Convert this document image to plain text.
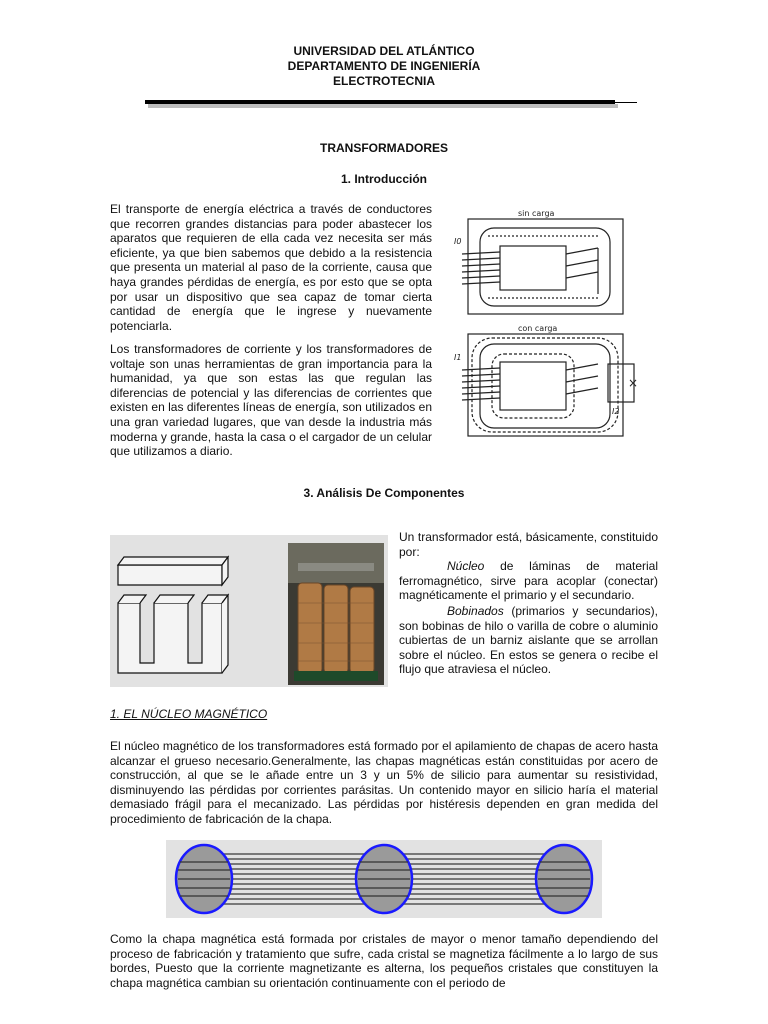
UNIVERSIDAD DEL ATLÁNTICO
DEPARTAMENTO DE INGENIERÍA
ELECTROTECNIA
TRANSFORMADORES
1. Introducción

El transporte de energía eléctrica a través de conductores que recorren grandes distancias para poder abastecer los aparatos que requieren de ella cada vez necesita ser más eficiente, ya que bien sabemos que debido a la resistencia que presenta un material al paso de la corriente, causa que haya grandes pérdidas de energía, es por esto que se opta por usar un dispositivo que sea capaz de tomar cierta cantidad de energía que le ingrese y nuevamente potenciarla.

Los transformadores de corriente y los transformadores de voltaje son unas herramientas de gran importancia para la humanidad, ya que son estas las que regulan las diferencias de potencial y las diferencias de corrientes que existen en las diferentes líneas de energía, son utilizados en una gran variedad lugares, que van desde la industria más moderna y grande, hasta la casa o el cargador de un celular que utilizamos a diario.

sin carga
con carga
I0
I1
I2
×
3. Análisis De Componentes

Un transformador está, básicamente, constituido por:

Núcleo de láminas de material ferromagnético, sirve para acoplar (conectar) magnéticamente el primario y el secundario.

Bobinados (primarios y secundarios), son bobinas de hilo o varilla de cobre o aluminio cubiertas de un barniz aislante que se arrollan sobre el núcleo. En estos se genera o recibe el flujo que atraviesa el núcleo.

1. EL NÚCLEO MAGNÉTICO

El núcleo magnético de los transformadores está formado por el apilamiento de chapas de acero hasta alcanzar el grueso necesario.Generalmente, las chapas magnéticas están constituidas por acero de construcción, al que se le añade entre un 3 y un 5% de silicio para aumentar su resistividad, disminuyendo las pérdidas por corrientes parásitas. Un contenido mayor en silicio haría el material demasiado frágil para el mecanizado. Las pérdidas por histéresis dependen en gran medida del procedimiento de fabricación de la chapa.

Como la chapa magnética está formada por cristales de mayor o menor tamaño dependiendo del proceso de fabricación y tratamiento que sufre, cada cristal se magnetiza fácilmente a lo largo de sus bordes, Puesto que la corriente magnetizante es alterna, los pequeños cristales que constituyen la chapa magnética cambian su orientación continuamente con el periodo de
